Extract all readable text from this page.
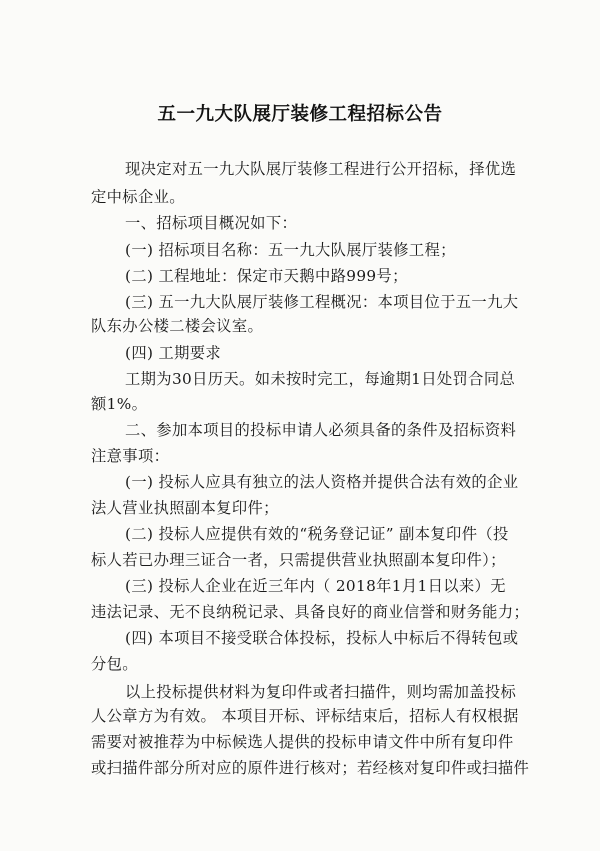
五一九大队展厅装修工程招标公告
现决定对五一九大队展厅装修工程进行公开招标，择优选
定中标企业。
一、招标项目概况如下：
(一) 招标项目名称：五一九大队展厅装修工程；
(二) 工程地址：保定市天鹅中路999号；
(三) 五一九大队展厅装修工程概况：本项目位于五一九大
队东办公楼二楼会议室。
(四) 工期要求
工期为30日历天。如未按时完工，每逾期1日处罚合同总
额1%。
二、参加本项目的投标申请人必须具备的条件及招标资料
注意事项：
(一) 投标人应具有独立的法人资格并提供合法有效的企业
法人营业执照副本复印件；
(二) 投标人应提供有效的“税务登记证” 副本复印件（投
标人若已办理三证合一者，只需提供营业执照副本复印件）；
(三) 投标人企业在近三年内（ 2018年1月1日以来）无
违法记录、无不良纳税记录、具备良好的商业信誉和财务能力；
(四) 本项目不接受联合体投标，投标人中标后不得转包或
分包。
以上投标提供材料为复印件或者扫描件，则均需加盖投标
人公章方为有效。 本项目开标、评标结束后，招标人有权根据
需要对被推荐为中标候选人提供的投标申请文件中所有复印件
或扫描件部分所对应的原件进行核对；若经核对复印件或扫描件
